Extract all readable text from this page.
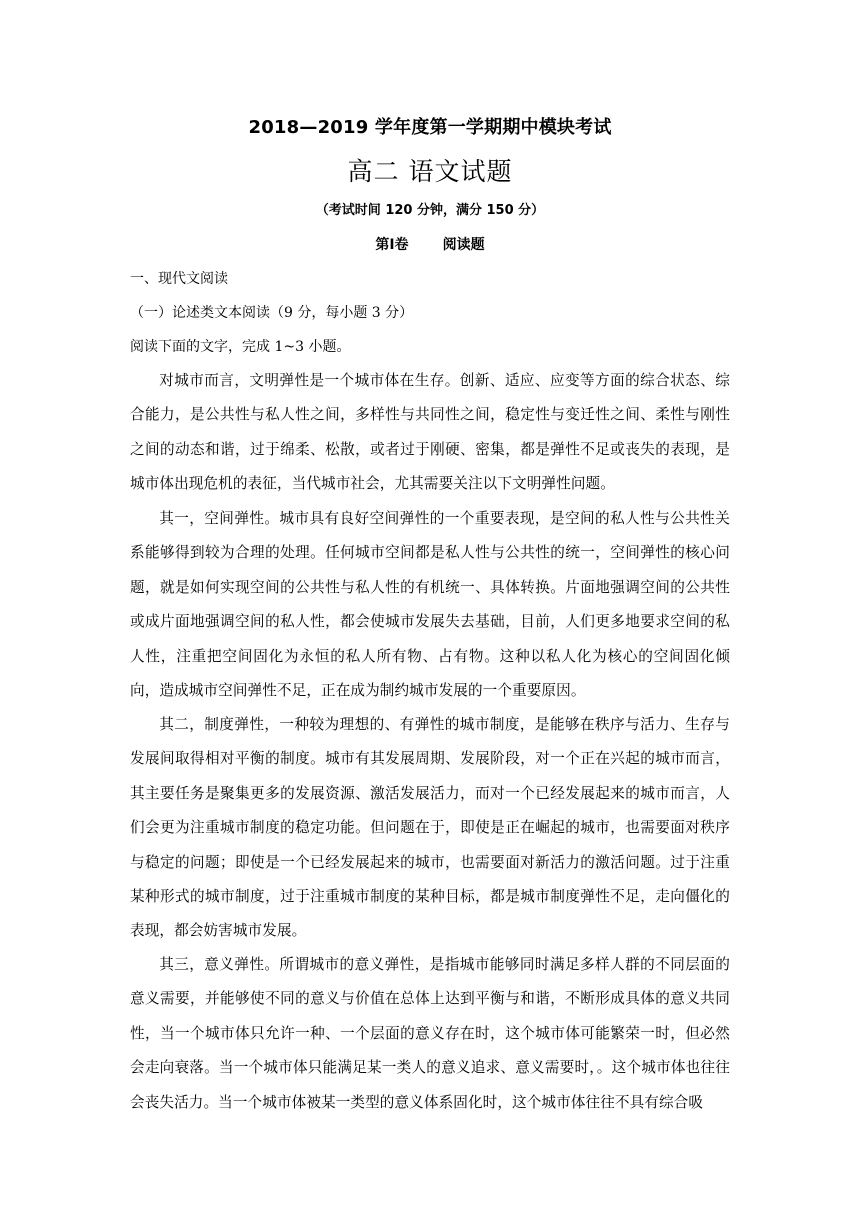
2018—2019 学年度第一学期期中模块考试
高二 语文试题
（考试时间 120 分钟，满分 150 分）
第Ⅰ卷       阅读题
一、现代文阅读
（一）论述类文本阅读（9 分，每小题 3 分）
阅读下面的文字，完成 1~3 小题。
对城市而言，文明弹性是一个城市体在生存。创新、适应、应变等方面的综合状态、综合能力，是公共性与私人性之间，多样性与共同性之间，稳定性与变迁性之间、柔性与刚性之间的动态和谐，过于绵柔、松散，或者过于刚硬、密集，都是弹性不足或丧失的表现，是城市体出现危机的表征，当代城市社会，尤其需要关注以下文明弹性问题。
其一，空间弹性。城市具有良好空间弹性的一个重要表现，是空间的私人性与公共性关系能够得到较为合理的处理。任何城市空间都是私人性与公共性的统一，空间弹性的核心问题，就是如何实现空间的公共性与私人性的有机统一、具体转换。片面地强调空间的公共性或成片面地强调空间的私人性，都会使城市发展失去基础，目前，人们更多地要求空间的私人性，注重把空间固化为永恒的私人所有物、占有物。这种以私人化为核心的空间固化倾向，造成城市空间弹性不足，正在成为制约城市发展的一个重要原因。
其二，制度弹性，一种较为理想的、有弹性的城市制度，是能够在秩序与活力、生存与发展间取得相对平衡的制度。城市有其发展周期、发展阶段，对一个正在兴起的城市而言，其主要任务是聚集更多的发展资源、激活发展活力，而对一个已经发展起来的城市而言，人们会更为注重城市制度的稳定功能。但问题在于，即使是正在崛起的城市，也需要面对秩序与稳定的问题；即使是一个已经发展起来的城市，也需要面对新活力的激活问题。过于注重某种形式的城市制度，过于注重城市制度的某种目标，都是城市制度弹性不足，走向僵化的表现，都会妨害城市发展。
其三，意义弹性。所谓城市的意义弹性，是指城市能够同时满足多样人群的不同层面的意义需要，并能够使不同的意义与价值在总体上达到平衡与和谐，不断形成具体的意义共同性，当一个城市体只允许一种、一个层面的意义存在时，这个城市体可能繁荣一时，但必然会走向衰落。当一个城市体只能满足某一类人的意义追求、意义需要时，。这个城市体也往往会丧失活力。当一个城市体被某一类型的意义体系固化时，这个城市体往往不具有综合吸
